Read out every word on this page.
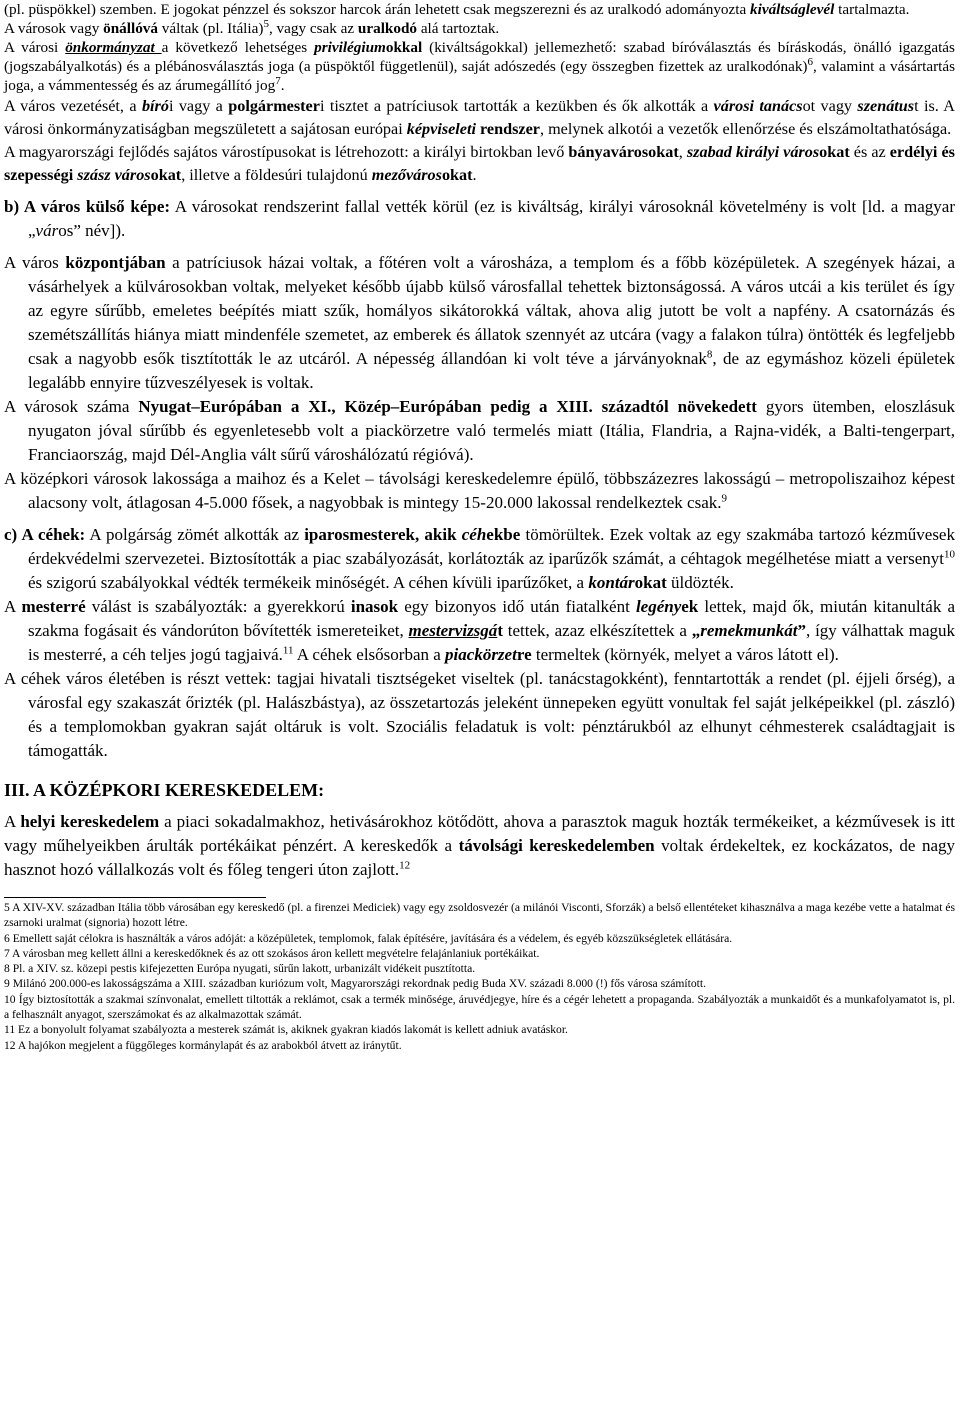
(pl. püspökkel) szemben. E jogokat pénzzel és sokszor harcok árán lehetett csak megszerezni és az uralkodó adományozta kiváltságlevél tartalmazta.

A városok vagy önállóvá váltak (pl. Itália)$^5$, vagy csak az uralkodó alá tartoztak.

A városi önkormányzat a következő lehetséges privilégiumokkal (kiváltságokkal) jellemezhető: szabad bíróválasztás és bíráskodás, önálló igazgatás (jogszabályalkotás) és a plébánosválasztás joga (a püspöktől függetlenül), saját adószedés (egy összegben fizettek az uralkodónak)$^6$, valamint a vásártartás joga, a vámmentesség és az árumegállító jog$^7$.

A város vezetését, a bírói vagy a polgármesteri tisztet a patríciusok tartották a kezükben és ők alkották a városi tanácsot vagy szenátust is. A városi önkormányzatiságban megszületett a sajátosan európai képviseleti rendszer, melynek alkotói a vezetők ellenőrzése és elszámoltathatósága.

A magyarországi fejlődés sajátos várostípusokat is létrehozott: a királyi birtokban levő bányavárosokat, szabad királyi városokat és az erdélyi és szepességi szász városokat, illetve a földesúri tulajdonú mezővárosokat.

b) A város külső képe: A városokat rendszerint fallal vették körül (ez is kiváltság, királyi városoknál követelmény is volt [ld. a magyar „város” név]).

A város központjában a patríciusok házai voltak, a főtéren volt a városháza, a templom és a főbb középületek. A szegények házai, a vásárhelyek a külvárosokban voltak, melyeket később újabb külső városfallal tehettek biztonságossá. A város utcái a kis terület és így az egyre sűrűbb, emeletes beépítés miatt szűk, homályos sikátorokká váltak, ahova alig jutott be volt a napfény. A csatornázás és szemétszállítás hiánya miatt mindenféle szemetet, az emberek és állatok szennyét az utcára (vagy a falakon túlra) öntötték és legfeljebb csak a nagyobb esők tisztították le az utcáról. A népesség állandóan ki volt téve a járványoknak$^8$, de az egymáshoz közeli épületek legalább ennyire tűzveszélyesek is voltak.

A városok száma Nyugat–Európában a XI., Közép–Európában pedig a XIII. századtól növekedett gyors ütemben, eloszlásuk nyugaton jóval sűrűbb és egyenletesebb volt a piackörzetre való termelés miatt (Itália, Flandria, a Rajna-vidék, a Balti-tengerpart, Franciaország, majd Dél-Anglia vált sűrű városhálózatú régióvá).

A középkori városok lakossága a maihoz és a Kelet – távolsági kereskedelemre épülő, többszázezres lakosságú – metropoliszaihoz képest alacsony volt, átlagosan 4-5.000 fősek, a nagyobbak is mintegy 15-20.000 lakossal rendelkeztek csak.$^9$

c) A céhek: A polgárság zömét alkották az iparosmesterek, akik céhekbe tömörültek. Ezek voltak az egy szakmába tartozó kézművesek érdekvédelmi szervezetei. Biztosították a piac szabályozását, korlátozták az iparűzők számát, a céhtagok megélhetése miatt a versenyt$^{10}$ és szigorú szabályokkal védték termékeik minőségét. A céhen kívüli iparűzőket, a kontárokat üldözték.

A mesterré válást is szabályozták: a gyerekkorú inasok egy bizonyos idő után fiatalként legények lettek, majd ők, miután kitanulták a szakma fogásait és vándorúton bővítették ismereteiket, mestervizsgát tettek, azaz elkészítettek a „remekmunkát”, így válhattak maguk is mesterré, a céh teljes jogú tagjaivá.$^{11}$ A céhek elsősorban a piackörzetre termeltek (környék, melyet a város látott el).

A céhek város életében is részt vettek: tagjai hivatali tisztségeket viseltek (pl. tanácstagokként), fenntartották a rendet (pl. éjjeli őrség), a városfal egy szakaszát őrizték (pl. Halászbástya), az összetartozás jeleként ünnepeken együtt vonultak fel saját jelképeikkel (pl. zászló) és a templomokban gyakran saját oltáruk is volt. Szociális feladatuk is volt: pénztárukból az elhunyt céhmesterek családtagjait is támogatták.

III. A KÖZÉPKORI KERESKEDELEM:

A helyi kereskedelem a piaci sokadalmakhoz, hetivásárokhoz kötődött, ahova a parasztok maguk hozták termékeiket, a kézművesek is itt vagy műhelyeikben árulták portékáikat pénzért. A kereskedők a távolsági kereskedelemben voltak érdekeltek, ez kockázatos, de nagy hasznot hozó vállalkozás volt és főleg tengeri úton zajlott.$^{12}$

5 A XIV-XV. században Itália több városában egy kereskedő (pl. a firenzei Mediciek) vagy egy zsoldosvezér (a milánói Visconti, Sforzák) a belső ellentéteket kihasználva a maga kezébe vette a hatalmat és zsarnoki uralmat (signoria) hozott létre.

6 Emellett saját célokra is használták a város adóját: a középületek, templomok, falak építésére, javítására és a védelem, és egyéb közszükségletek ellátására.

7 A városban meg kellett állni a kereskedőknek és az ott szokásos áron kellett megvételre felajánlaniuk portékáikat.

8 Pl. a XIV. sz. közepi pestis kifejezetten Európa nyugati, sűrűn lakott, urbanizált vidékeit pusztította.

9 Milánó 200.000-es lakosságszáma a XIII. században kuriózum volt, Magyarországi rekordnak pedig Buda XV. századi 8.000 (!) fős városa számított.

10 Így biztosították a szakmai színvonalat, emellett tiltották a reklámot, csak a termék minősége, áruvédjegye, híre és a cégér lehetett a propaganda. Szabályozták a munkaidőt és a munkafolyamatot is, pl. a felhasznált anyagot, szerszámokat és az alkalmazottak számát.

11 Ez a bonyolult folyamat szabályozta a mesterek számát is, akiknek gyakran kiadós lakomát is kellett adniuk avatáskor.

12 A hajókon megjelent a függőleges kormánylapát és az arabokból átvett az iránytűt.
